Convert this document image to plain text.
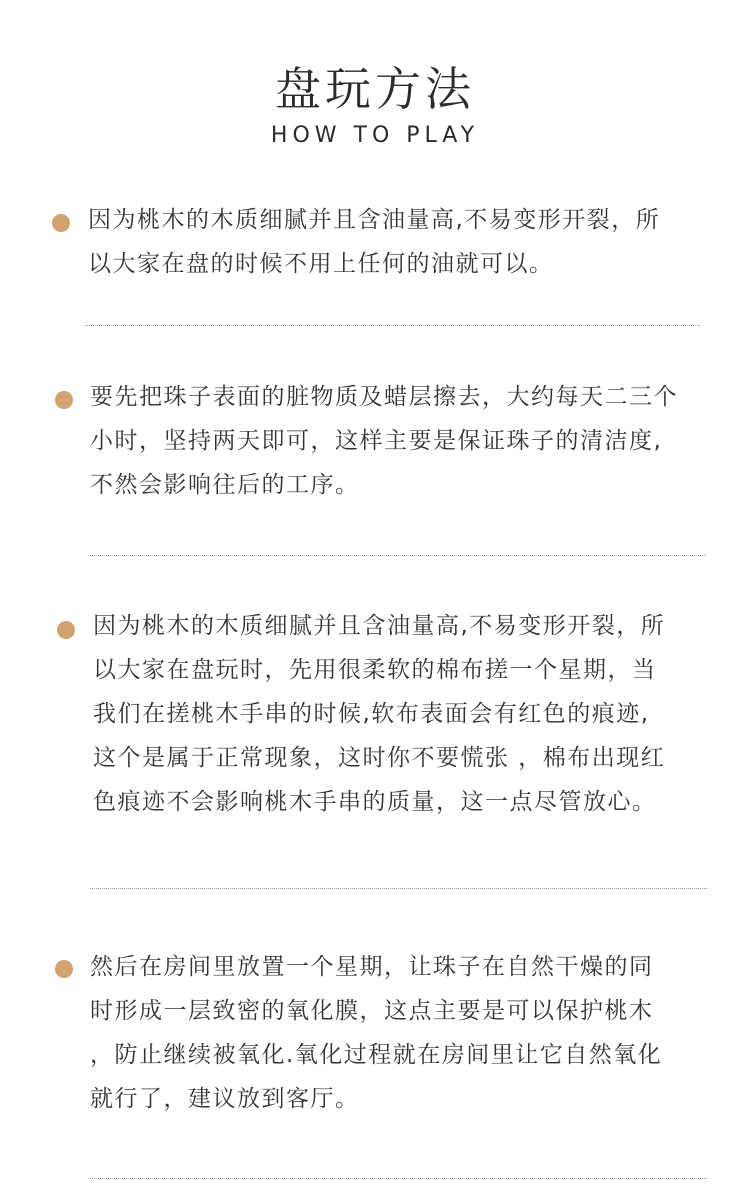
盘玩方法
HOW TO PLAY

因为桃木的木质细腻并且含油量高,不易变形开裂，所
以大家在盘的时候不用上任何的油就可以。

要先把珠子表面的脏物质及蜡层擦去，大约每天二三个
小时，坚持两天即可，这样主要是保证珠子的清洁度,
不然会影响往后的工序。

因为桃木的木质细腻并且含油量高,不易变形开裂，所
以大家在盘玩时，先用很柔软的棉布搓一个星期，当
我们在搓桃木手串的时候,软布表面会有红色的痕迹,
这个是属于正常现象，这时你不要慌张 ，棉布出现红
色痕迹不会影响桃木手串的质量，这一点尽管放心。

然后在房间里放置一个星期，让珠子在自然干燥的同
时形成一层致密的氧化膜，这点主要是可以保护桃木
，防止继续被氧化.氧化过程就在房间里让它自然氧化
就行了，建议放到客厅。
